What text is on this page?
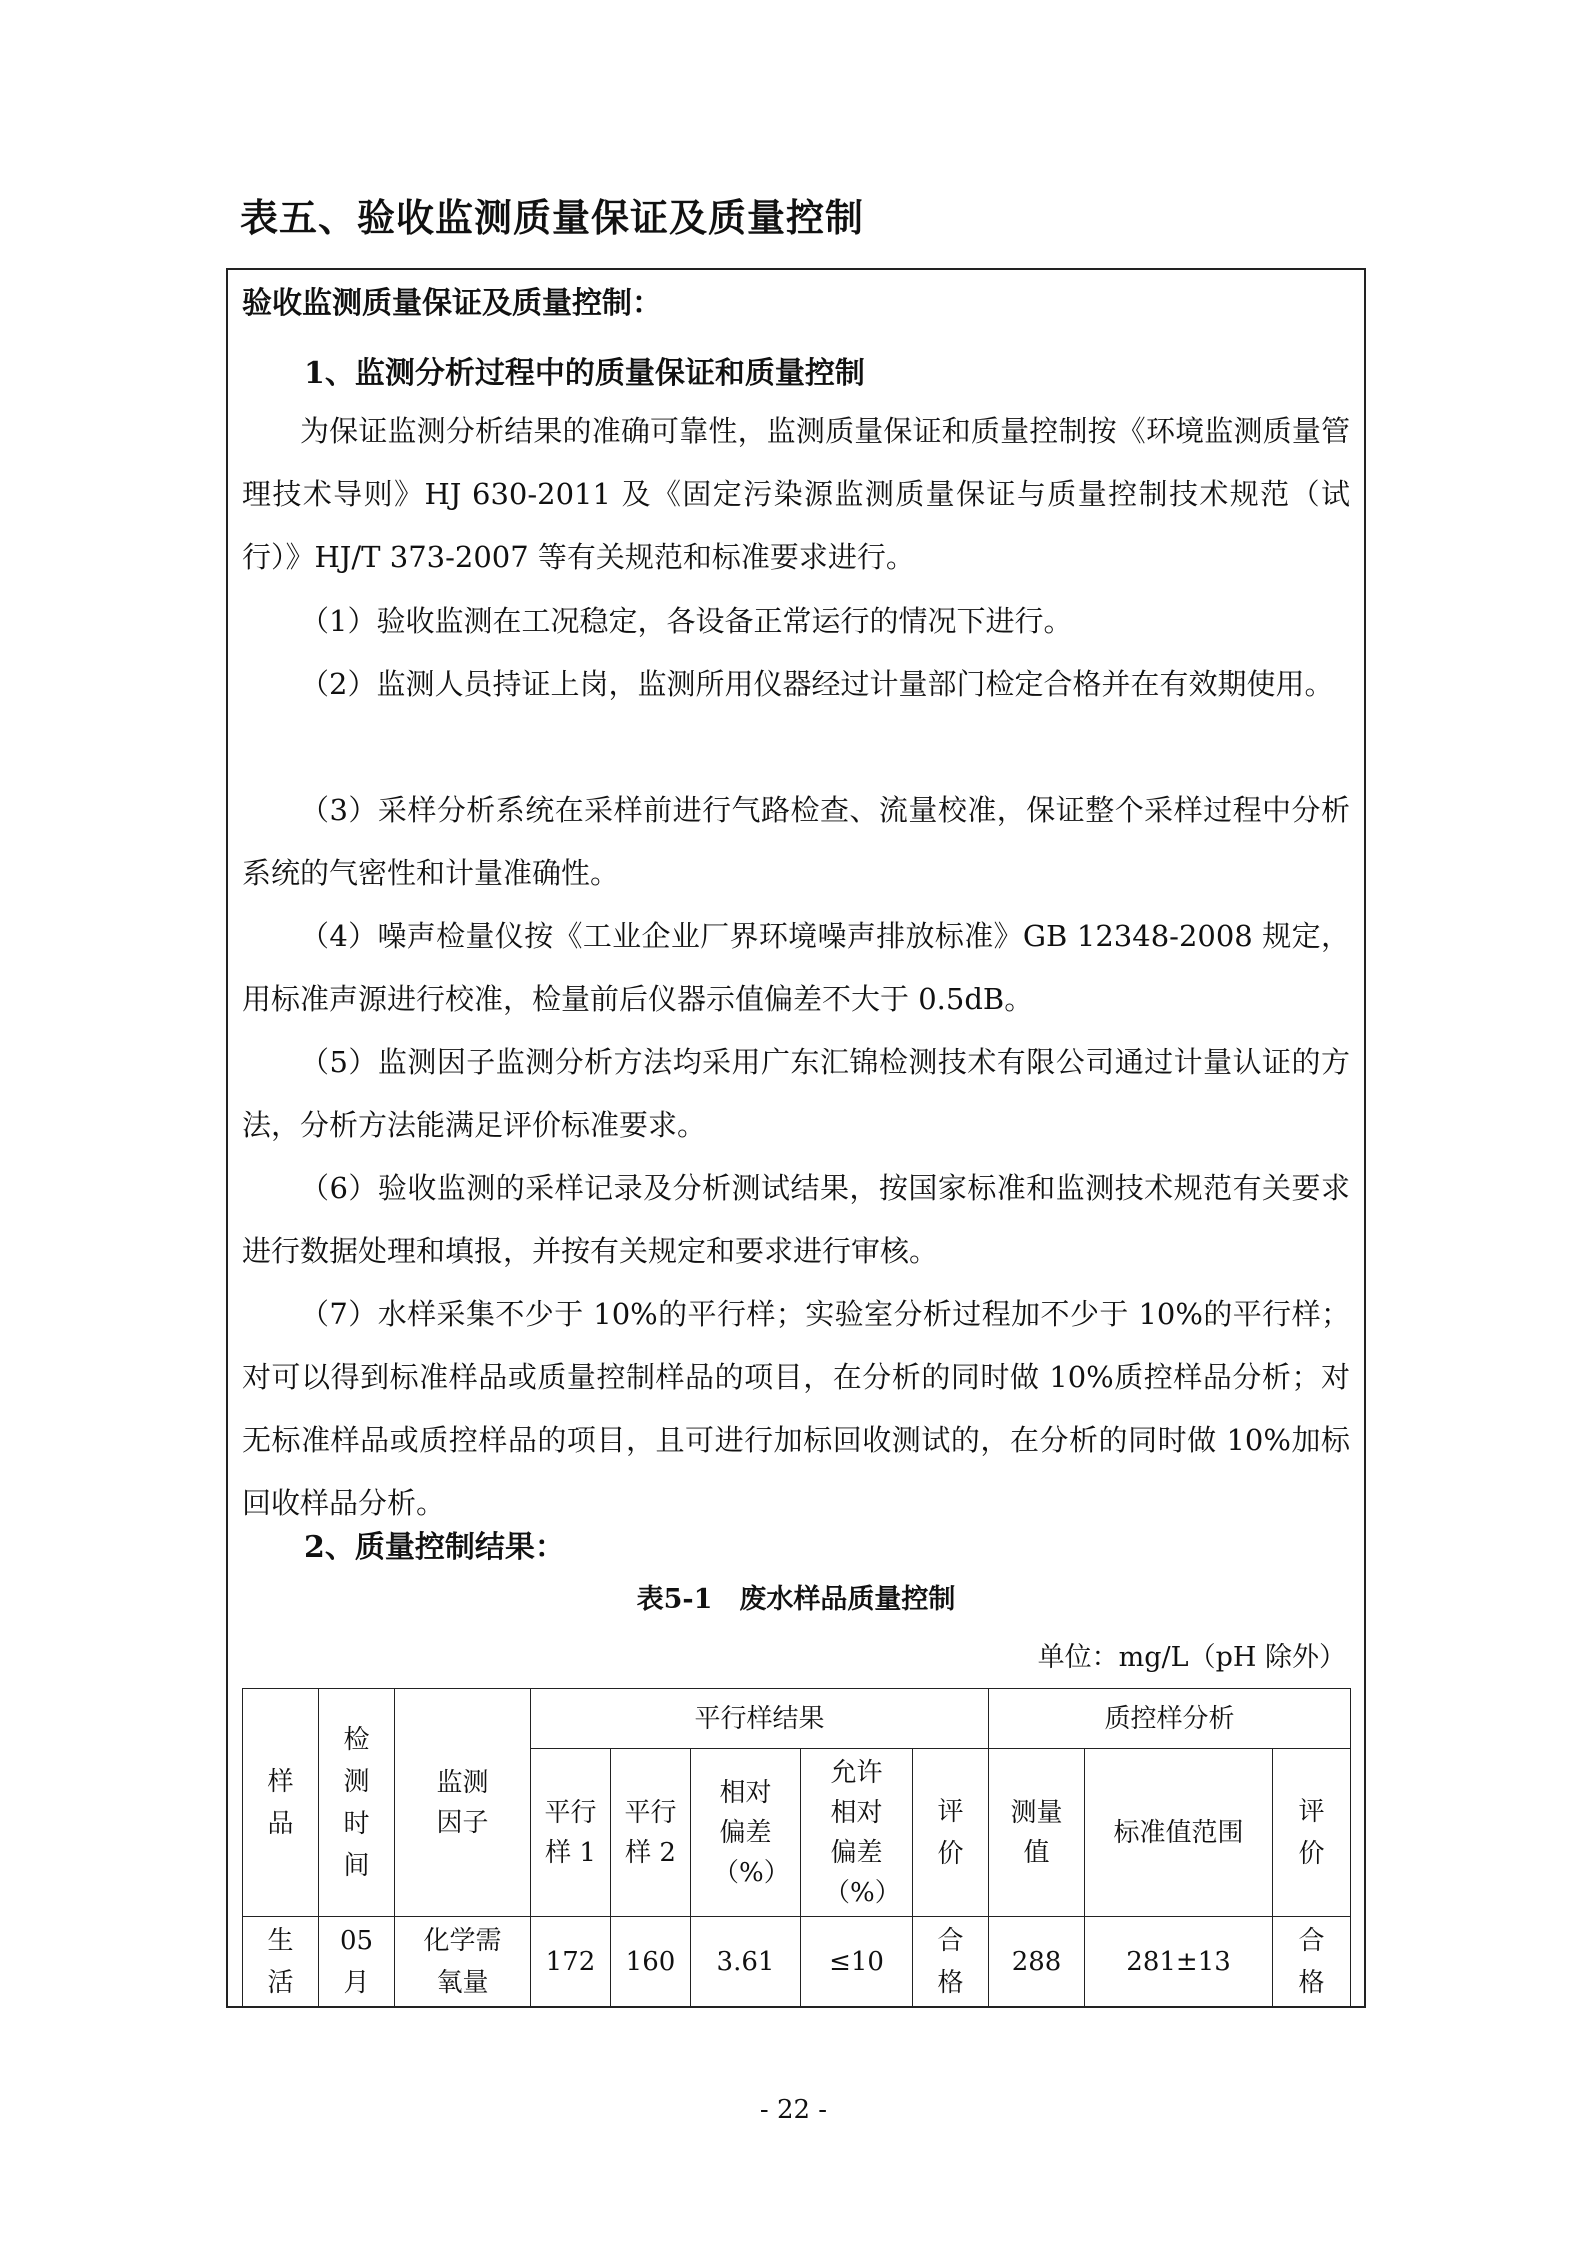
表五、验收监测质量保证及质量控制
验收监测质量保证及质量控制：
1、监测分析过程中的质量保证和质量控制

为保证监测分析结果的准确可靠性，监测质量保证和质量控制按《环境监测质量管理技术导则》HJ 630-2011 及《固定污染源监测质量保证与质量控制技术规范（试行）》HJ/T 373-2007 等有关规范和标准要求进行。

（1）验收监测在工况稳定，各设备正常运行的情况下进行。

（2）监测人员持证上岗，监测所用仪器经过计量部门检定合格并在有效期使用。

（3）采样分析系统在采样前进行气路检查、流量校准，保证整个采样过程中分析系统的气密性和计量准确性。

（4）噪声检量仪按《工业企业厂界环境噪声排放标准》GB 12348-2008 规定，用标准声源进行校准，检量前后仪器示值偏差不大于 0.5dB。

（5）监测因子监测分析方法均采用广东汇锦检测技术有限公司通过计量认证的方法，分析方法能满足评价标准要求。

（6）验收监测的采样记录及分析测试结果，按国家标准和监测技术规范有关要求进行数据处理和填报，并按有关规定和要求进行审核。

（7）水样采集不少于 10%的平行样；实验室分析过程加不少于 10%的平行样；对可以得到标准样品或质量控制样品的项目，在分析的同时做 10%质控样品分析；对无标准样品或质控样品的项目，且可进行加标回收测试的，在分析的同时做 10%加标回收样品分析。

2、质量控制结果：
表5-1　废水样品质量控制
单位：mg/L（pH 除外）
样品	检测时间	监测因子	平行样结果					质控样分析		
			平行样 1	平行样 2	相对偏差（%）	允许相对偏差（%）	评价	测量值	标准值范围	评价
生活	05月	化学需氧量	172	160	3.61	≤10	合格	288	281±13	合格
- 22 -
